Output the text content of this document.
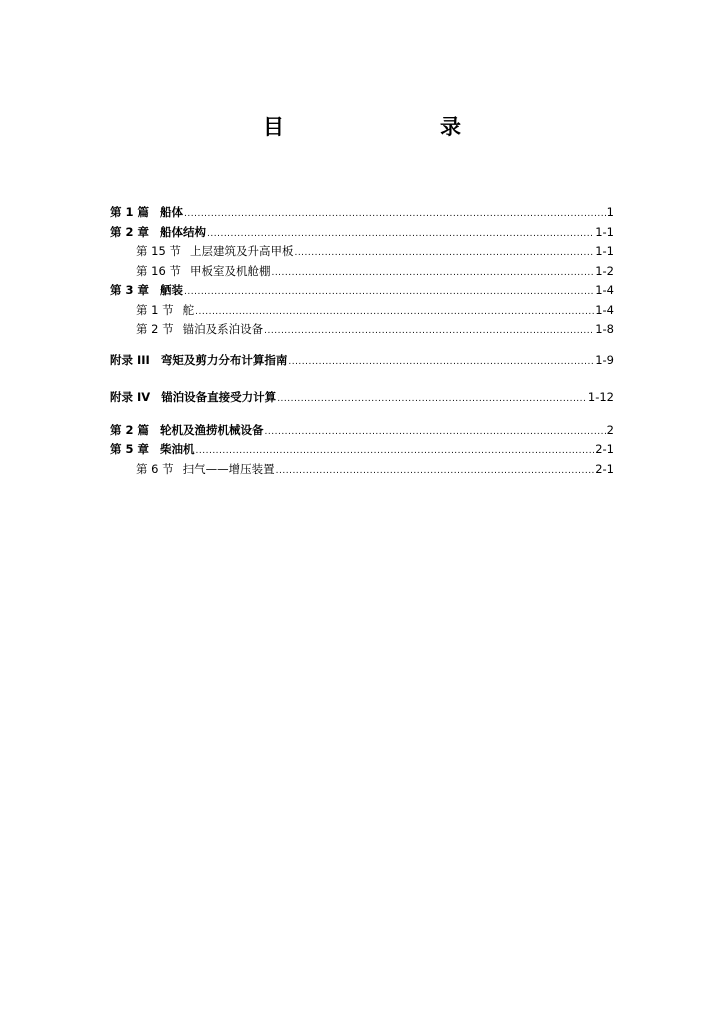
目　　录
第 1 篇 船体 .....	1
第 2 章 船体结构 .....	1-1
第 15 节 上层建筑及升高甲板 .....	1-1
第 16 节 甲板室及机舱棚 .....	1-2
第 3 章 舾装 .....	1-4
第 1 节 舵 .....	1-4
第 2 节 锚泊及系泊设备 .....	1-8
附录 III 弯矩及剪力分布计算指南 .....	1-9
附录 IV 锚泊设备直接受力计算 .....	1-12
第 2 篇 轮机及渔捞机械设备 .....	2
第 5 章 柴油机 .....	2-1
第 6 节 扫气——增压装置 .....	2-1
